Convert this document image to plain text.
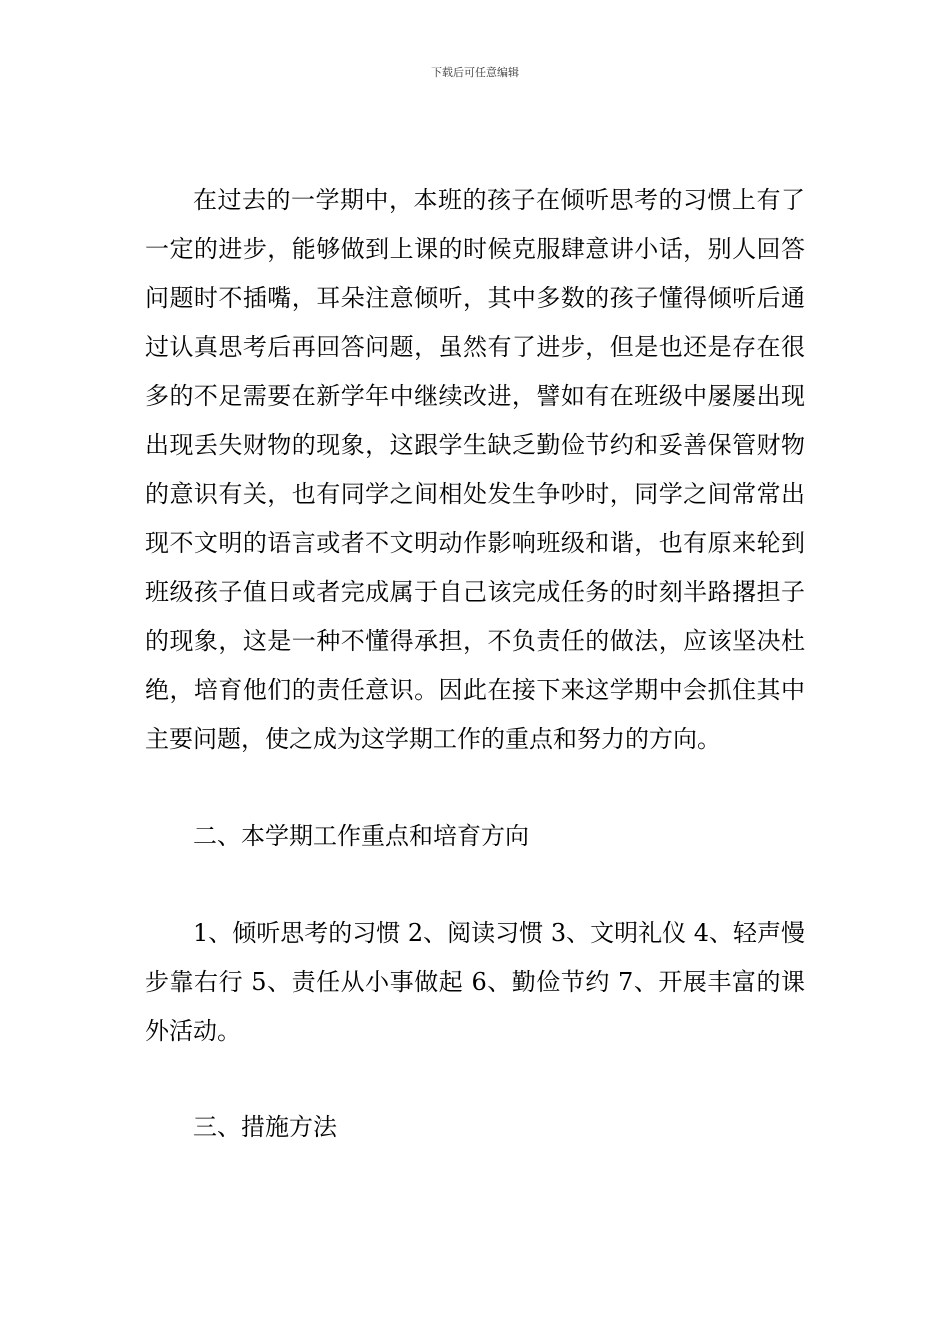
下载后可任意编辑

在过去的一学期中，本班的孩子在倾听思考的习惯上有了一定的进步，能够做到上课的时候克服肆意讲小话，别人回答问题时不插嘴，耳朵注意倾听，其中多数的孩子懂得倾听后通过认真思考后再回答问题，虽然有了进步，但是也还是存在很多的不足需要在新学年中继续改进，譬如有在班级中屡屡出现出现丢失财物的现象，这跟学生缺乏勤俭节约和妥善保管财物的意识有关，也有同学之间相处发生争吵时，同学之间常常出现不文明的语言或者不文明动作影响班级和谐，也有原来轮到班级孩子值日或者完成属于自己该完成任务的时刻半路撂担子的现象，这是一种不懂得承担，不负责任的做法，应该坚决杜绝，培育他们的责任意识。因此在接下来这学期中会抓住其中主要问题，使之成为这学期工作的重点和努力的方向。

二、本学期工作重点和培育方向

1、倾听思考的习惯 2、阅读习惯 3、文明礼仪 4、轻声慢步靠右行 5、责任从小事做起 6、勤俭节约 7、开展丰富的课外活动。

三、措施方法
